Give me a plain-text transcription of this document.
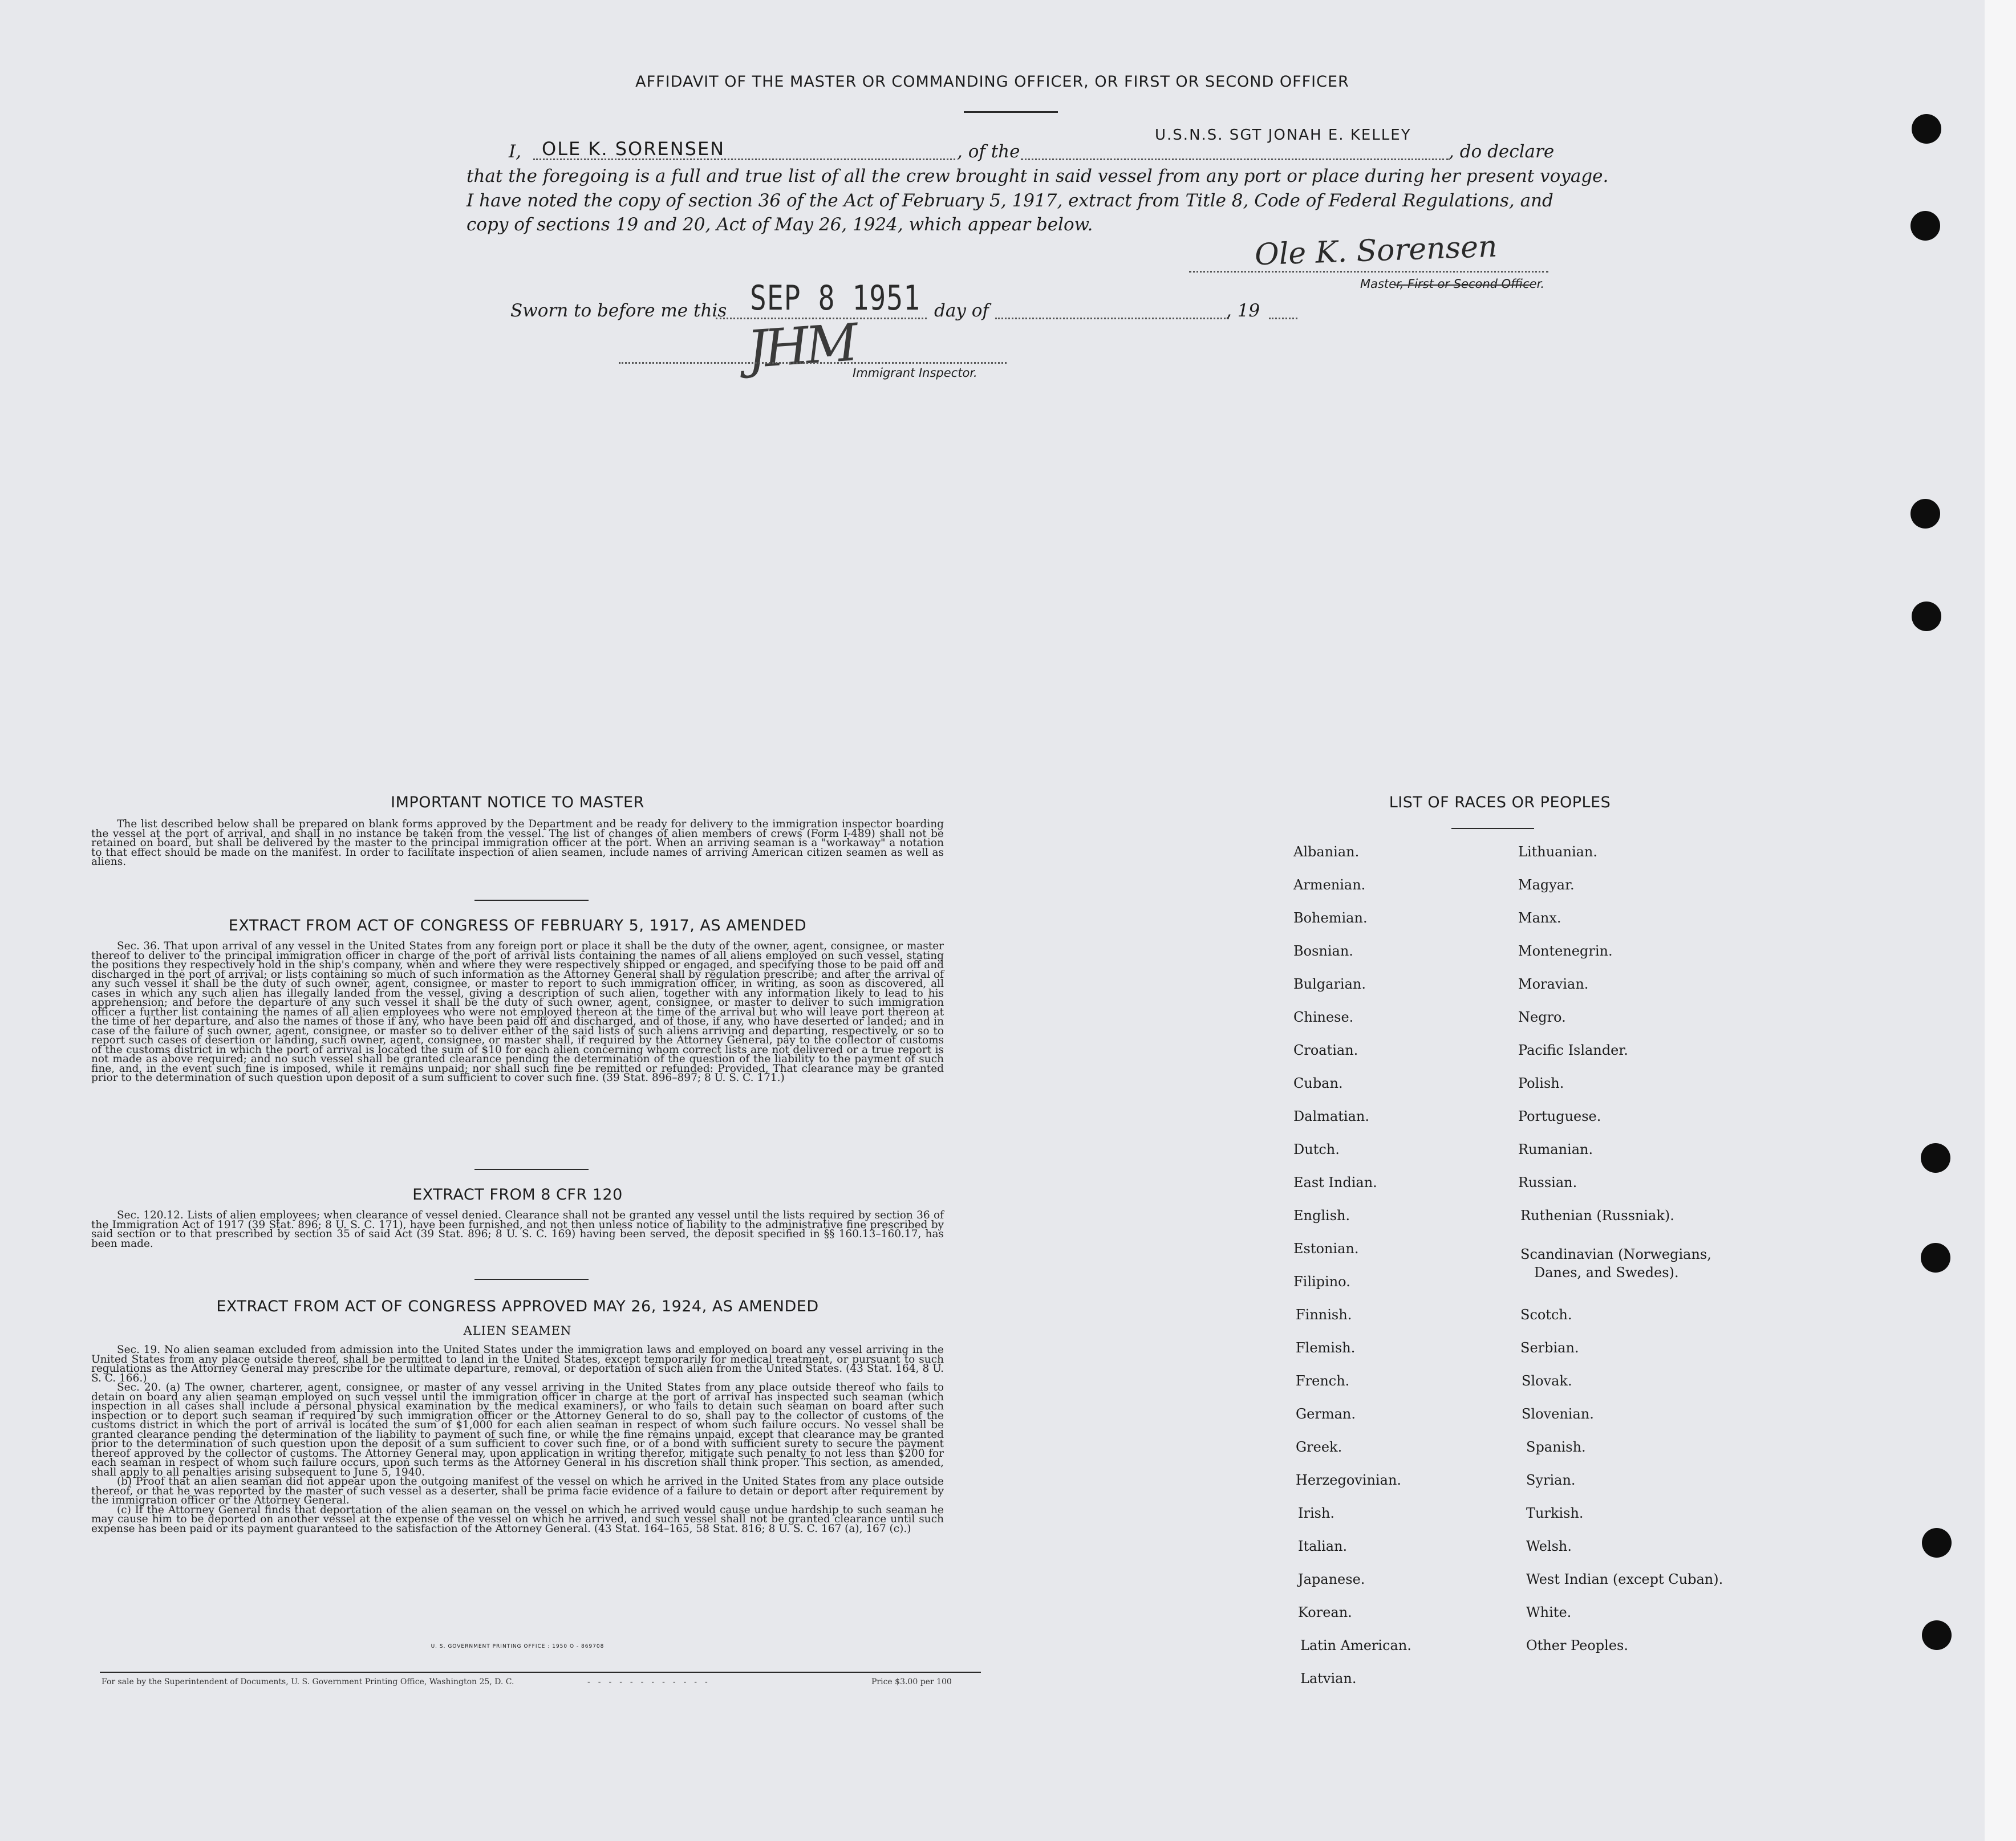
AFFIDAVIT OF THE MASTER OR COMMANDING OFFICER, OR FIRST OR SECOND OFFICER
I, OLE K. SORENSEN	, of the
U.S.N.S. SGT JONAH E. KELLEY
, do declare
that the foregoing is a full and true list of all the crew brought in said vessel from any port or place during her present voyage.
I have noted the copy of section 36 of the Act of February 5, 1917, extract from Title 8, Code of Federal Regulations, and
copy of sections 19 and 20, Act of May 26, 1924, which appear below.
Ole K. Sorensen
Master, First or Second Officer.
Sworn to before me this SEP 8 1951 day of	, 19
JHM
Immigrant Inspector.
IMPORTANT NOTICE TO MASTER

The list described below shall be prepared on blank forms approved by the Department and be ready for delivery to the immigration inspector boarding the vessel at the port of arrival, and shall in no instance be taken from the vessel. The list of changes of alien members of crews (Form I-489) shall not be retained on board, but shall be delivered by the master to the principal immigration officer at the port. When an arriving seaman is a "workaway" a notation to that effect should be made on the manifest. In order to facilitate inspection of alien seamen, include names of arriving American citizen seamen as well as aliens.

EXTRACT FROM ACT OF CONGRESS OF FEBRUARY 5, 1917, AS AMENDED

Sec. 36. That upon arrival of any vessel in the United States from any foreign port or place it shall be the duty of the owner, agent, consignee, or master thereof to deliver to the principal immigration officer in charge of the port of arrival lists containing the names of all aliens employed on such vessel, stating the positions they respectively hold in the ship's company, when and where they were respectively shipped or engaged, and specifying those to be paid off and discharged in the port of arrival; or lists containing so much of such information as the Attorney General shall by regulation prescribe; and after the arrival of any such vessel it shall be the duty of such owner, agent, consignee, or master to report to such immigration officer, in writing, as soon as discovered, all cases in which any such alien has illegally landed from the vessel, giving a description of such alien, together with any information likely to lead to his apprehension; and before the departure of any such vessel it shall be the duty of such owner, agent, consignee, or master to deliver to such immigration officer a further list containing the names of all alien employees who were not employed thereon at the time of the arrival but who will leave port thereon at the time of her departure, and also the names of those if any, who have been paid off and discharged, and of those, if any, who have deserted or landed; and in case of the failure of such owner, agent, consignee, or master so to deliver either of the said lists of such aliens arriving and departing, respectively, or so to report such cases of desertion or landing, such owner, agent, consignee, or master shall, if required by the Attorney General, pay to the collector of customs of the customs district in which the port of arrival is located the sum of $10 for each alien concerning whom correct lists are not delivered or a true report is not made as above required; and no such vessel shall be granted clearance pending the determination of the question of the liability to the payment of such fine, and, in the event such fine is imposed, while it remains unpaid; nor shall such fine be remitted or refunded: Provided, That clearance may be granted prior to the determination of such question upon deposit of a sum sufficient to cover such fine. (39 Stat. 896–897; 8 U. S. C. 171.)

EXTRACT FROM 8 CFR 120

Sec. 120.12. Lists of alien employees; when clearance of vessel denied. Clearance shall not be granted any vessel until the lists required by section 36 of the Immigration Act of 1917 (39 Stat. 896; 8 U. S. C. 171), have been furnished, and not then unless notice of liability to the administrative fine prescribed by said section or to that prescribed by section 35 of said Act (39 Stat. 896; 8 U. S. C. 169) having been served, the deposit specified in §§ 160.13–160.17, has been made.

EXTRACT FROM ACT OF CONGRESS APPROVED MAY 26, 1924, AS AMENDED
ALIEN SEAMEN

Sec. 19. No alien seaman excluded from admission into the United States under the immigration laws and employed on board any vessel arriving in the United States from any place outside thereof, shall be permitted to land in the United States, except temporarily for medical treatment, or pursuant to such regulations as the Attorney General may prescribe for the ultimate departure, removal, or deportation of such alien from the United States. (43 Stat. 164, 8 U. S. C. 166.)

Sec. 20. (a) The owner, charterer, agent, consignee, or master of any vessel arriving in the United States from any place outside thereof who fails to detain on board any alien seaman employed on such vessel until the immigration officer in charge at the port of arrival has inspected such seaman (which inspection in all cases shall include a personal physical examination by the medical examiners), or who fails to detain such seaman on board after such inspection or to deport such seaman if required by such immigration officer or the Attorney General to do so, shall pay to the collector of customs of the customs district in which the port of arrival is located the sum of $1,000 for each alien seaman in respect of whom such failure occurs. No vessel shall be granted clearance pending the determination of the liability to payment of such fine, or while the fine remains unpaid, except that clearance may be granted prior to the determination of such question upon the deposit of a sum sufficient to cover such fine, or of a bond with sufficient surety to secure the payment thereof approved by the collector of customs. The Attorney General may, upon application in writing therefor, mitigate such penalty to not less than $200 for each seaman in respect of whom such failure occurs, upon such terms as the Attorney General in his discretion shall think proper. This section, as amended, shall apply to all penalties arising subsequent to June 5, 1940.

(b) Proof that an alien seaman did not appear upon the outgoing manifest of the vessel on which he arrived in the United States from any place outside thereof, or that he was reported by the master of such vessel as a deserter, shall be prima facie evidence of a failure to detain or deport after requirement by the immigration officer or the Attorney General.

(c) If the Attorney General finds that deportation of the alien seaman on the vessel on which he arrived would cause undue hardship to such seaman he may cause him to be deported on another vessel at the expense of the vessel on which he arrived, and such vessel shall not be granted clearance until such expense has been paid or its payment guaranteed to the satisfaction of the Attorney General. (43 Stat. 164–165, 58 Stat. 816; 8 U. S. C. 167 (a), 167 (c).)

U. S. GOVERNMENT PRINTING OFFICE : 1950 O - 869708
For sale by the Superintendent of Documents, U. S. Government Printing Office, Washington 25, D. C.	------------	Price $3.00 per 100
LIST OF RACES OR PEOPLES
Albanian.
Armenian.
Bohemian.
Bosnian.
Bulgarian.
Chinese.
Croatian.
Cuban.
Dalmatian.
Dutch.
East Indian.
English.
Estonian.
Filipino.
Finnish.
Flemish.
French.
German.
Greek.
Herzegovinian.
Irish.
Italian.
Japanese.
Korean.
Latin American.
Latvian.
Lithuanian.
Magyar.
Manx.
Montenegrin.
Moravian.
Negro.
Pacific Islander.
Polish.
Portuguese.
Rumanian.
Russian.
Ruthenian (Russniak).
Scandinavian (Norwegians,
Danes, and Swedes).
Scotch.
Serbian.
Slovak.
Slovenian.
Spanish.
Syrian.
Turkish.
Welsh.
West Indian (except Cuban).
White.
Other Peoples.
